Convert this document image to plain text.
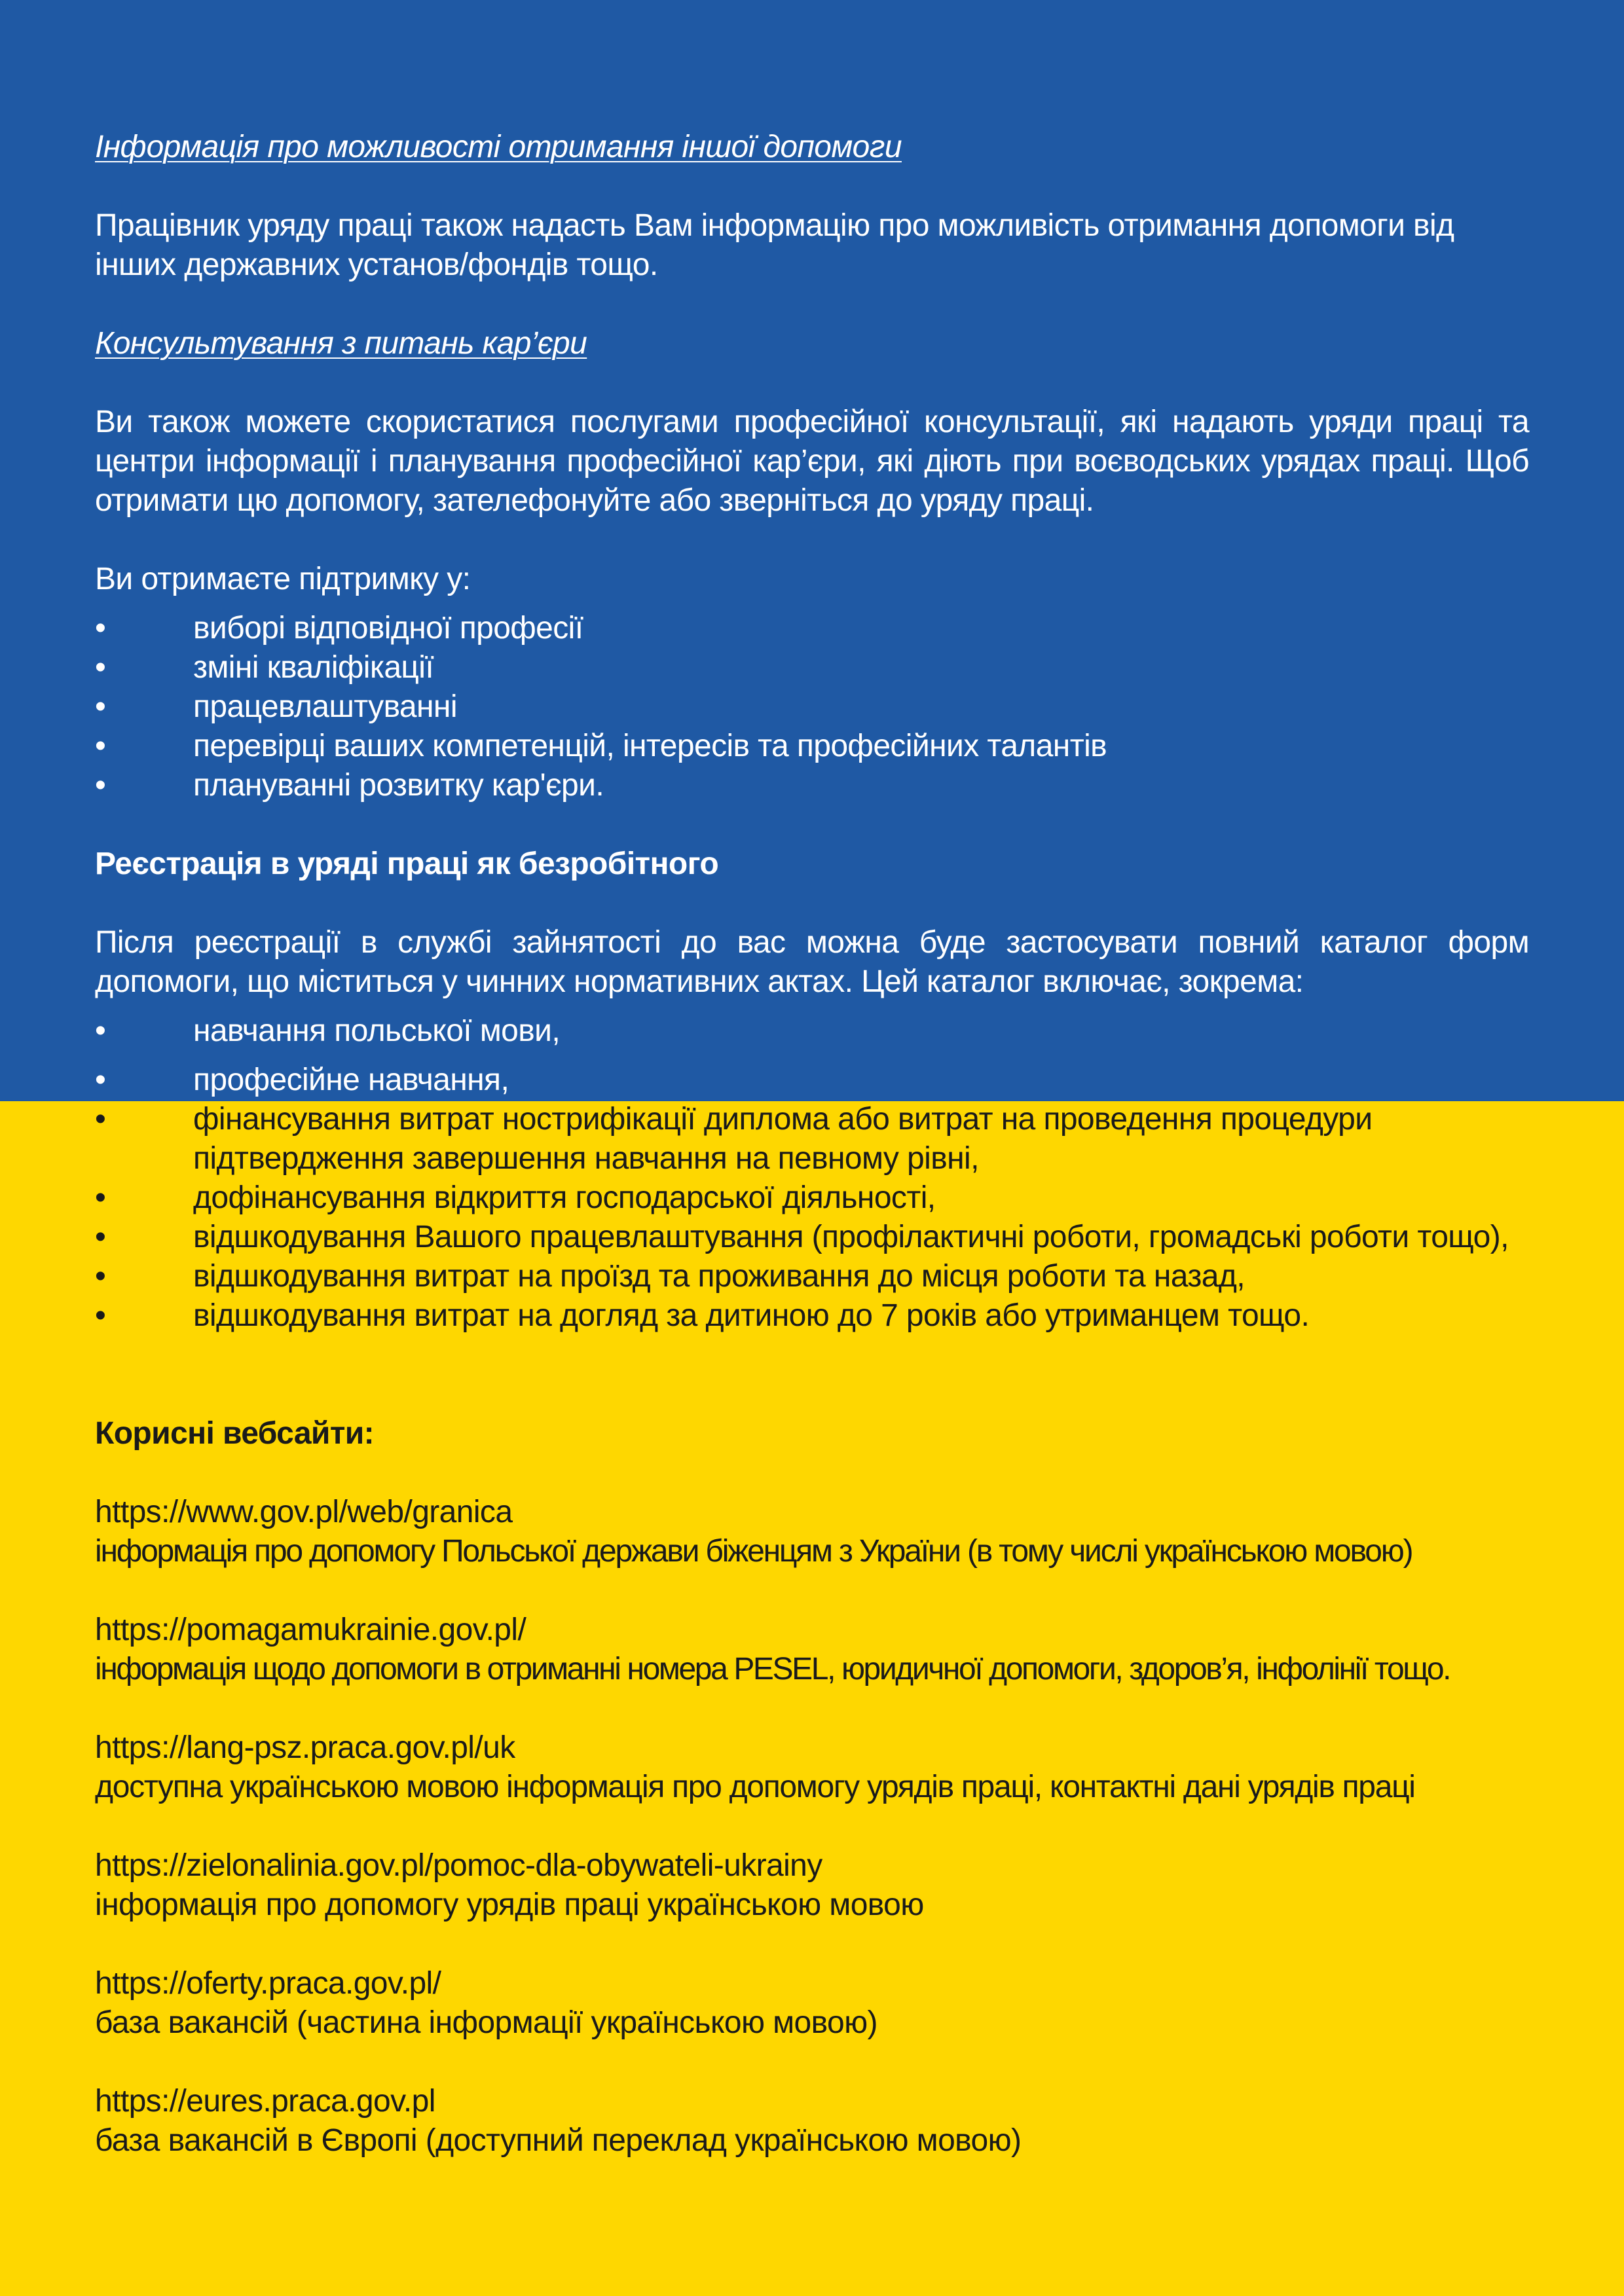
Інформація про можливості отримання іншої допомоги

Працівник уряду праці також надасть Вам інформацію про можливість отримання допомоги від інших державних установ/фондів тощо.

Консультування з питань кар’єри

Ви також можете скористатися послугами професійної консультації, які надають уряди праці та центри інформації і планування професійної кар’єри, які діють при воєводських урядах праці. Щоб отримати цю допомогу, зателефонуйте або зверніться до уряду праці.

Ви отримаєте підтримку у:

•	виборі відповідної професії
•	зміні кваліфікації
•	працевлаштуванні
•	перевірці ваших компетенцій, інтересів та професійних талантів
•	плануванні розвитку кар'єри.

Реєстрація в уряді праці як безробітного

Після реєстрації в службі зайнятості до вас можна буде застосувати повний каталог форм допомоги, що міститься у чинних нормативних актах. Цей каталог включає, зокрема:

•	навчання польської мови,
•	професійне навчання,
•	фінансування витрат нострифікації диплома або витрат на проведення процедури підтвердження завершення навчання на певному рівні,
•	дофінансування відкриття господарської діяльності,
•	відшкодування Вашого працевлаштування (профілактичні роботи, громадські роботи тощо),
•	відшкодування витрат на проїзд та проживання до місця роботи та назад,
•	відшкодування витрат на догляд за дитиною до 7 років або утриманцем тощо.

Корисні вебсайти:

https://www.gov.pl/web/granica
інформація про допомогу Польської держави біженцям з України (в тому числі українською мовою)
https://pomagamukrainie.gov.pl/
інформація щодо допомоги в отриманні номера PESEL, юридичної допомоги, здоров’я, інфолінії тощо.
https://lang-psz.praca.gov.pl/uk
доступна українською мовою інформація про допомогу урядів праці, контактні дані урядів праці
https://zielonalinia.gov.pl/pomoc-dla-obywateli-ukrainy
інформація про допомогу урядів праці українською мовою
https://oferty.praca.gov.pl/
база вакансій (частина інформації українською мовою)
https://eures.praca.gov.pl
база вакансій в Європі (доступний переклад українською мовою)
